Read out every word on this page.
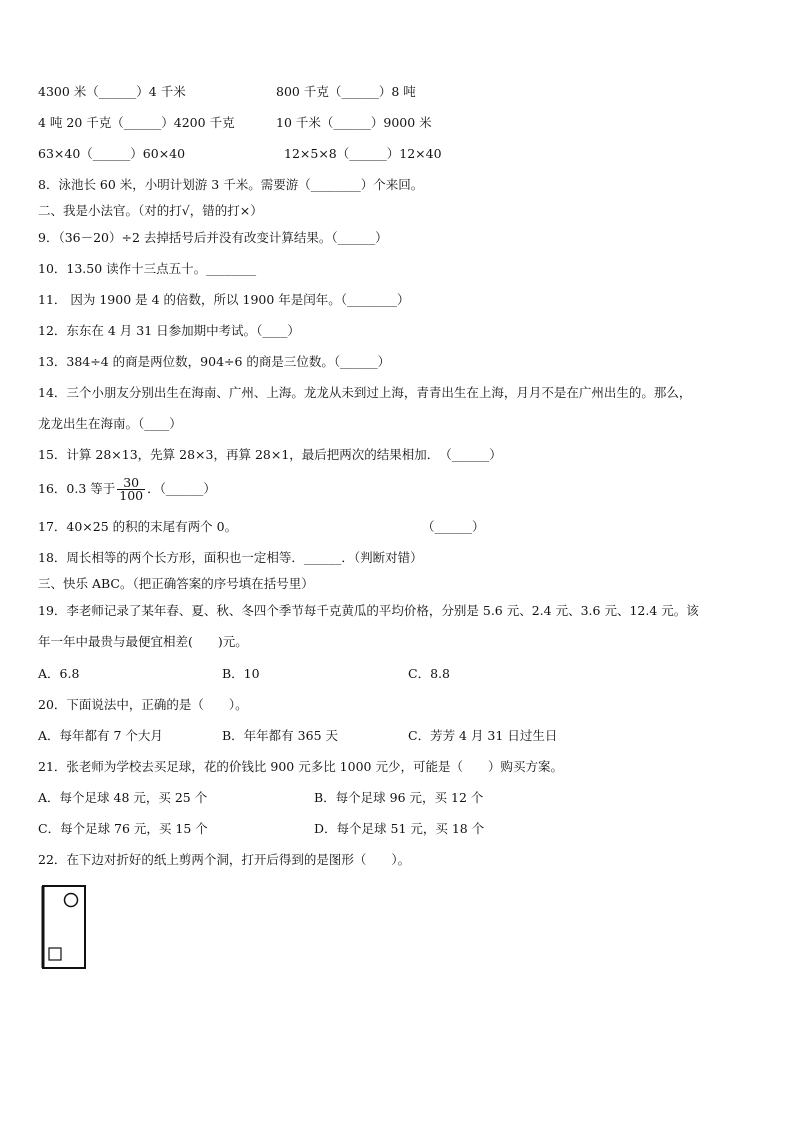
4300 米（______）4 千米	800 千克（______）8 吨
4 吨 20 千克（______）4200 千克	10 千米（______）9000 米
63×40（______）60×40	12×5×8（______）12×40
8．泳池长 60 米，小明计划游 3 千米。需要游（________）个来回。
二、我是小法官。（对的打√，错的打×）
9．（36－20）÷2 去掉括号后并没有改变计算结果。（______）
10．13.50 读作十三点五十。________
11． 因为 1900 是 4 的倍数，所以 1900 年是闰年。（________）
12．东东在 4 月 31 日参加期中考试。（____）
13．384÷4 的商是两位数，904÷6 的商是三位数。（______）
14．三个小朋友分别出生在海南、广州、上海。龙龙从未到过上海，青青出生在上海，月月不是在广州出生的。那么，
龙龙出生在海南。（____）
15．计算 28×13，先算 28×3，再算 28×1，最后把两次的结果相加．　（______）
16．0.3 等于 $\frac{30}{100}$ ．（______）
17．40×25 的积的末尾有两个 0。	（______）
18．周长相等的两个长方形，面积也一定相等．______．（判断对错）
三、快乐 ABC。（把正确答案的序号填在括号里）
19．李老师记录了某年春、夏、秋、冬四个季节每千克黄瓜的平均价格，分别是 5.6 元、2.4 元、3.6 元、12.4 元。该
年一年中最贵与最便宜相差(　　)元。
A．6.8	B．10	C．8.8
20．下面说法中，正确的是（　　）。
A．每年都有 7 个大月	B．年年都有 365 天	C．芳芳 4 月 31 日过生日
21．张老师为学校去买足球，花的价钱比 900 元多比 1000 元少，可能是（　　）购买方案。
A．每个足球 48 元，买 25 个	B．每个足球 96 元，买 12 个
C．每个足球 76 元，买 15 个	D．每个足球 51 元，买 18 个
22．在下边对折好的纸上剪两个洞，打开后得到的是图形（　　）。
